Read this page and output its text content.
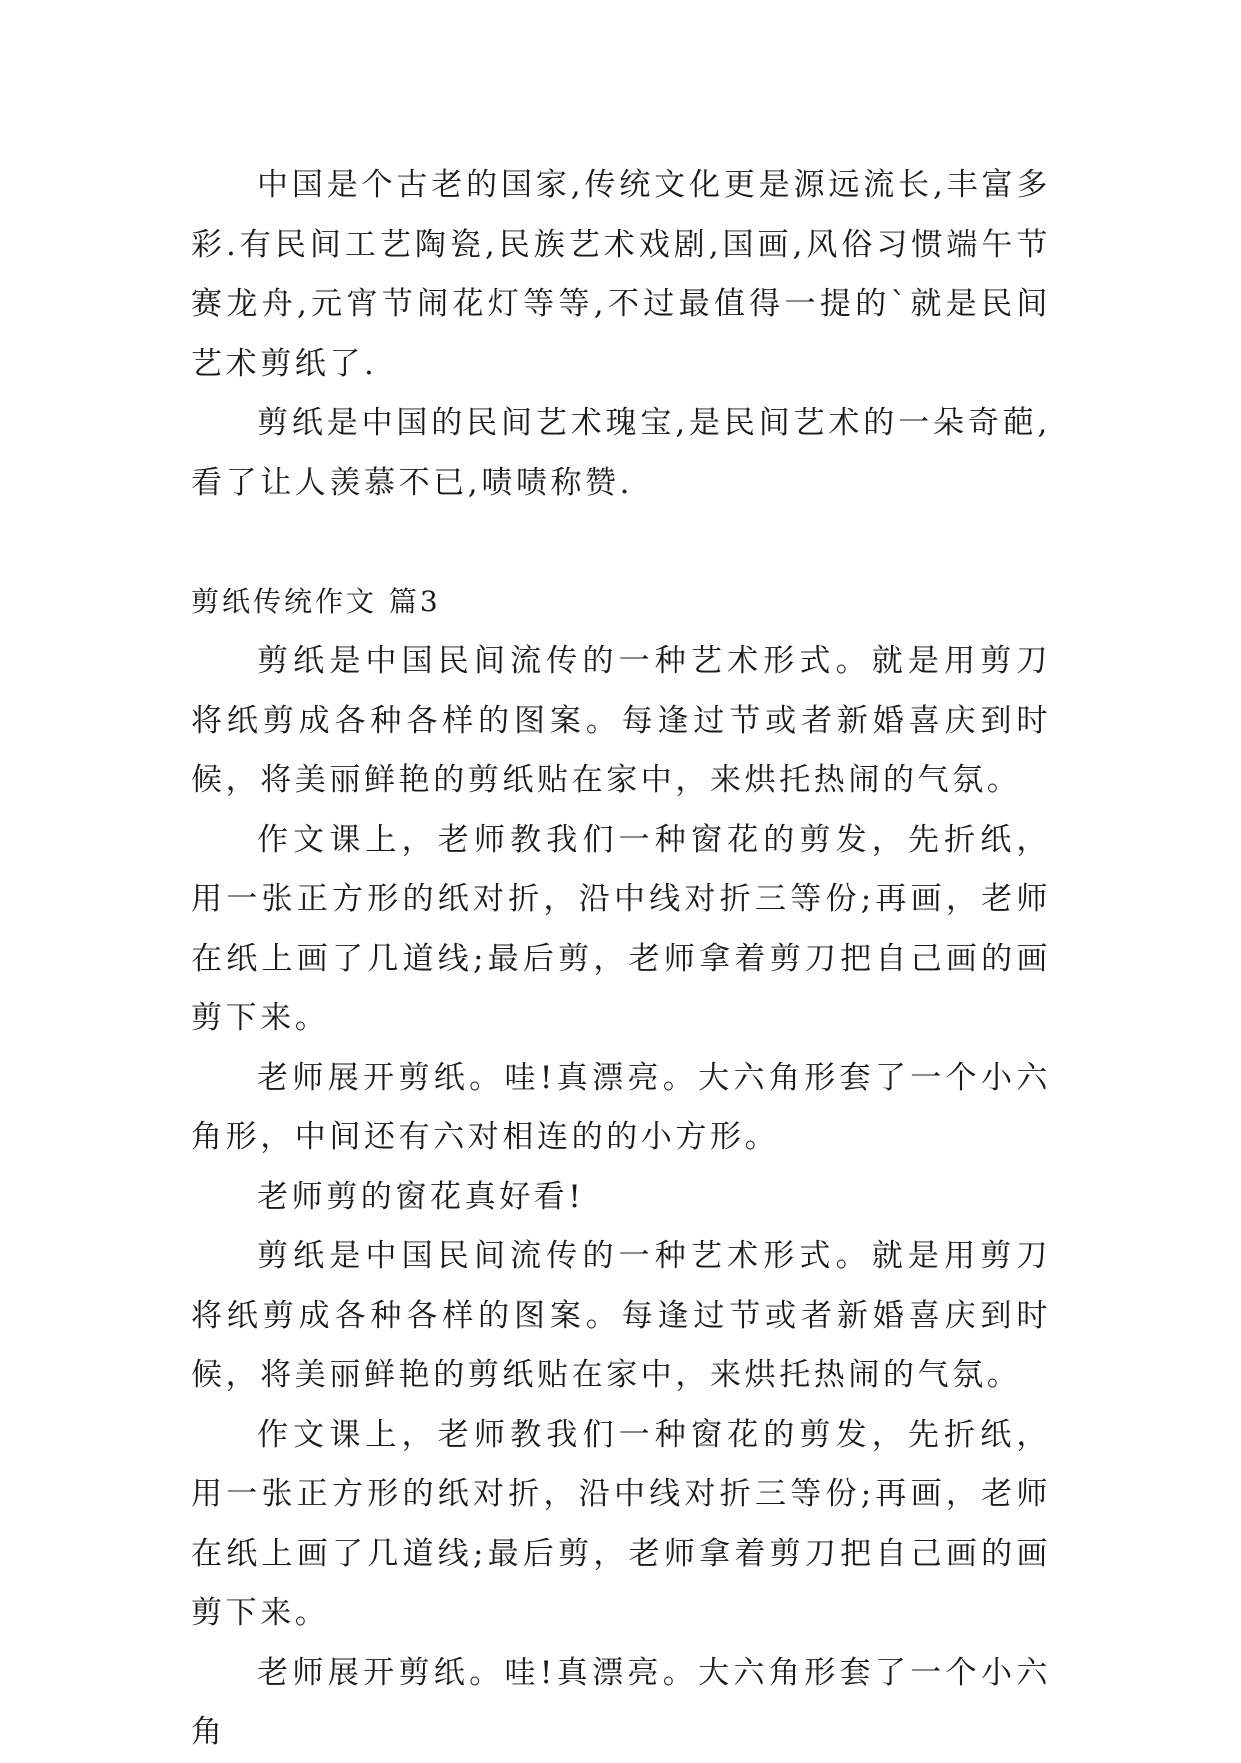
中国是个古老的国家,传统文化更是源远流长,丰富多彩.有民间工艺陶瓷,民族艺术戏剧,国画,风俗习惯端午节赛龙舟,元宵节闹花灯等等,不过最值得一提的`就是民间艺术剪纸了.

剪纸是中国的民间艺术瑰宝,是民间艺术的一朵奇葩,看了让人羡慕不已,啧啧称赞.

剪纸传统作文 篇3

剪纸是中国民间流传的一种艺术形式。就是用剪刀将纸剪成各种各样的图案。每逢过节或者新婚喜庆到时候，将美丽鲜艳的剪纸贴在家中，来烘托热闹的气氛。

作文课上，老师教我们一种窗花的剪发，先折纸，用一张正方形的纸对折，沿中线对折三等份;再画，老师在纸上画了几道线;最后剪，老师拿着剪刀把自己画的画剪下来。

老师展开剪纸。哇!真漂亮。大六角形套了一个小六角形，中间还有六对相连的的小方形。

老师剪的窗花真好看!

剪纸是中国民间流传的一种艺术形式。就是用剪刀将纸剪成各种各样的图案。每逢过节或者新婚喜庆到时候，将美丽鲜艳的剪纸贴在家中，来烘托热闹的气氛。

作文课上，老师教我们一种窗花的剪发，先折纸，用一张正方形的纸对折，沿中线对折三等份;再画，老师在纸上画了几道线;最后剪，老师拿着剪刀把自己画的画剪下来。

老师展开剪纸。哇!真漂亮。大六角形套了一个小六角
